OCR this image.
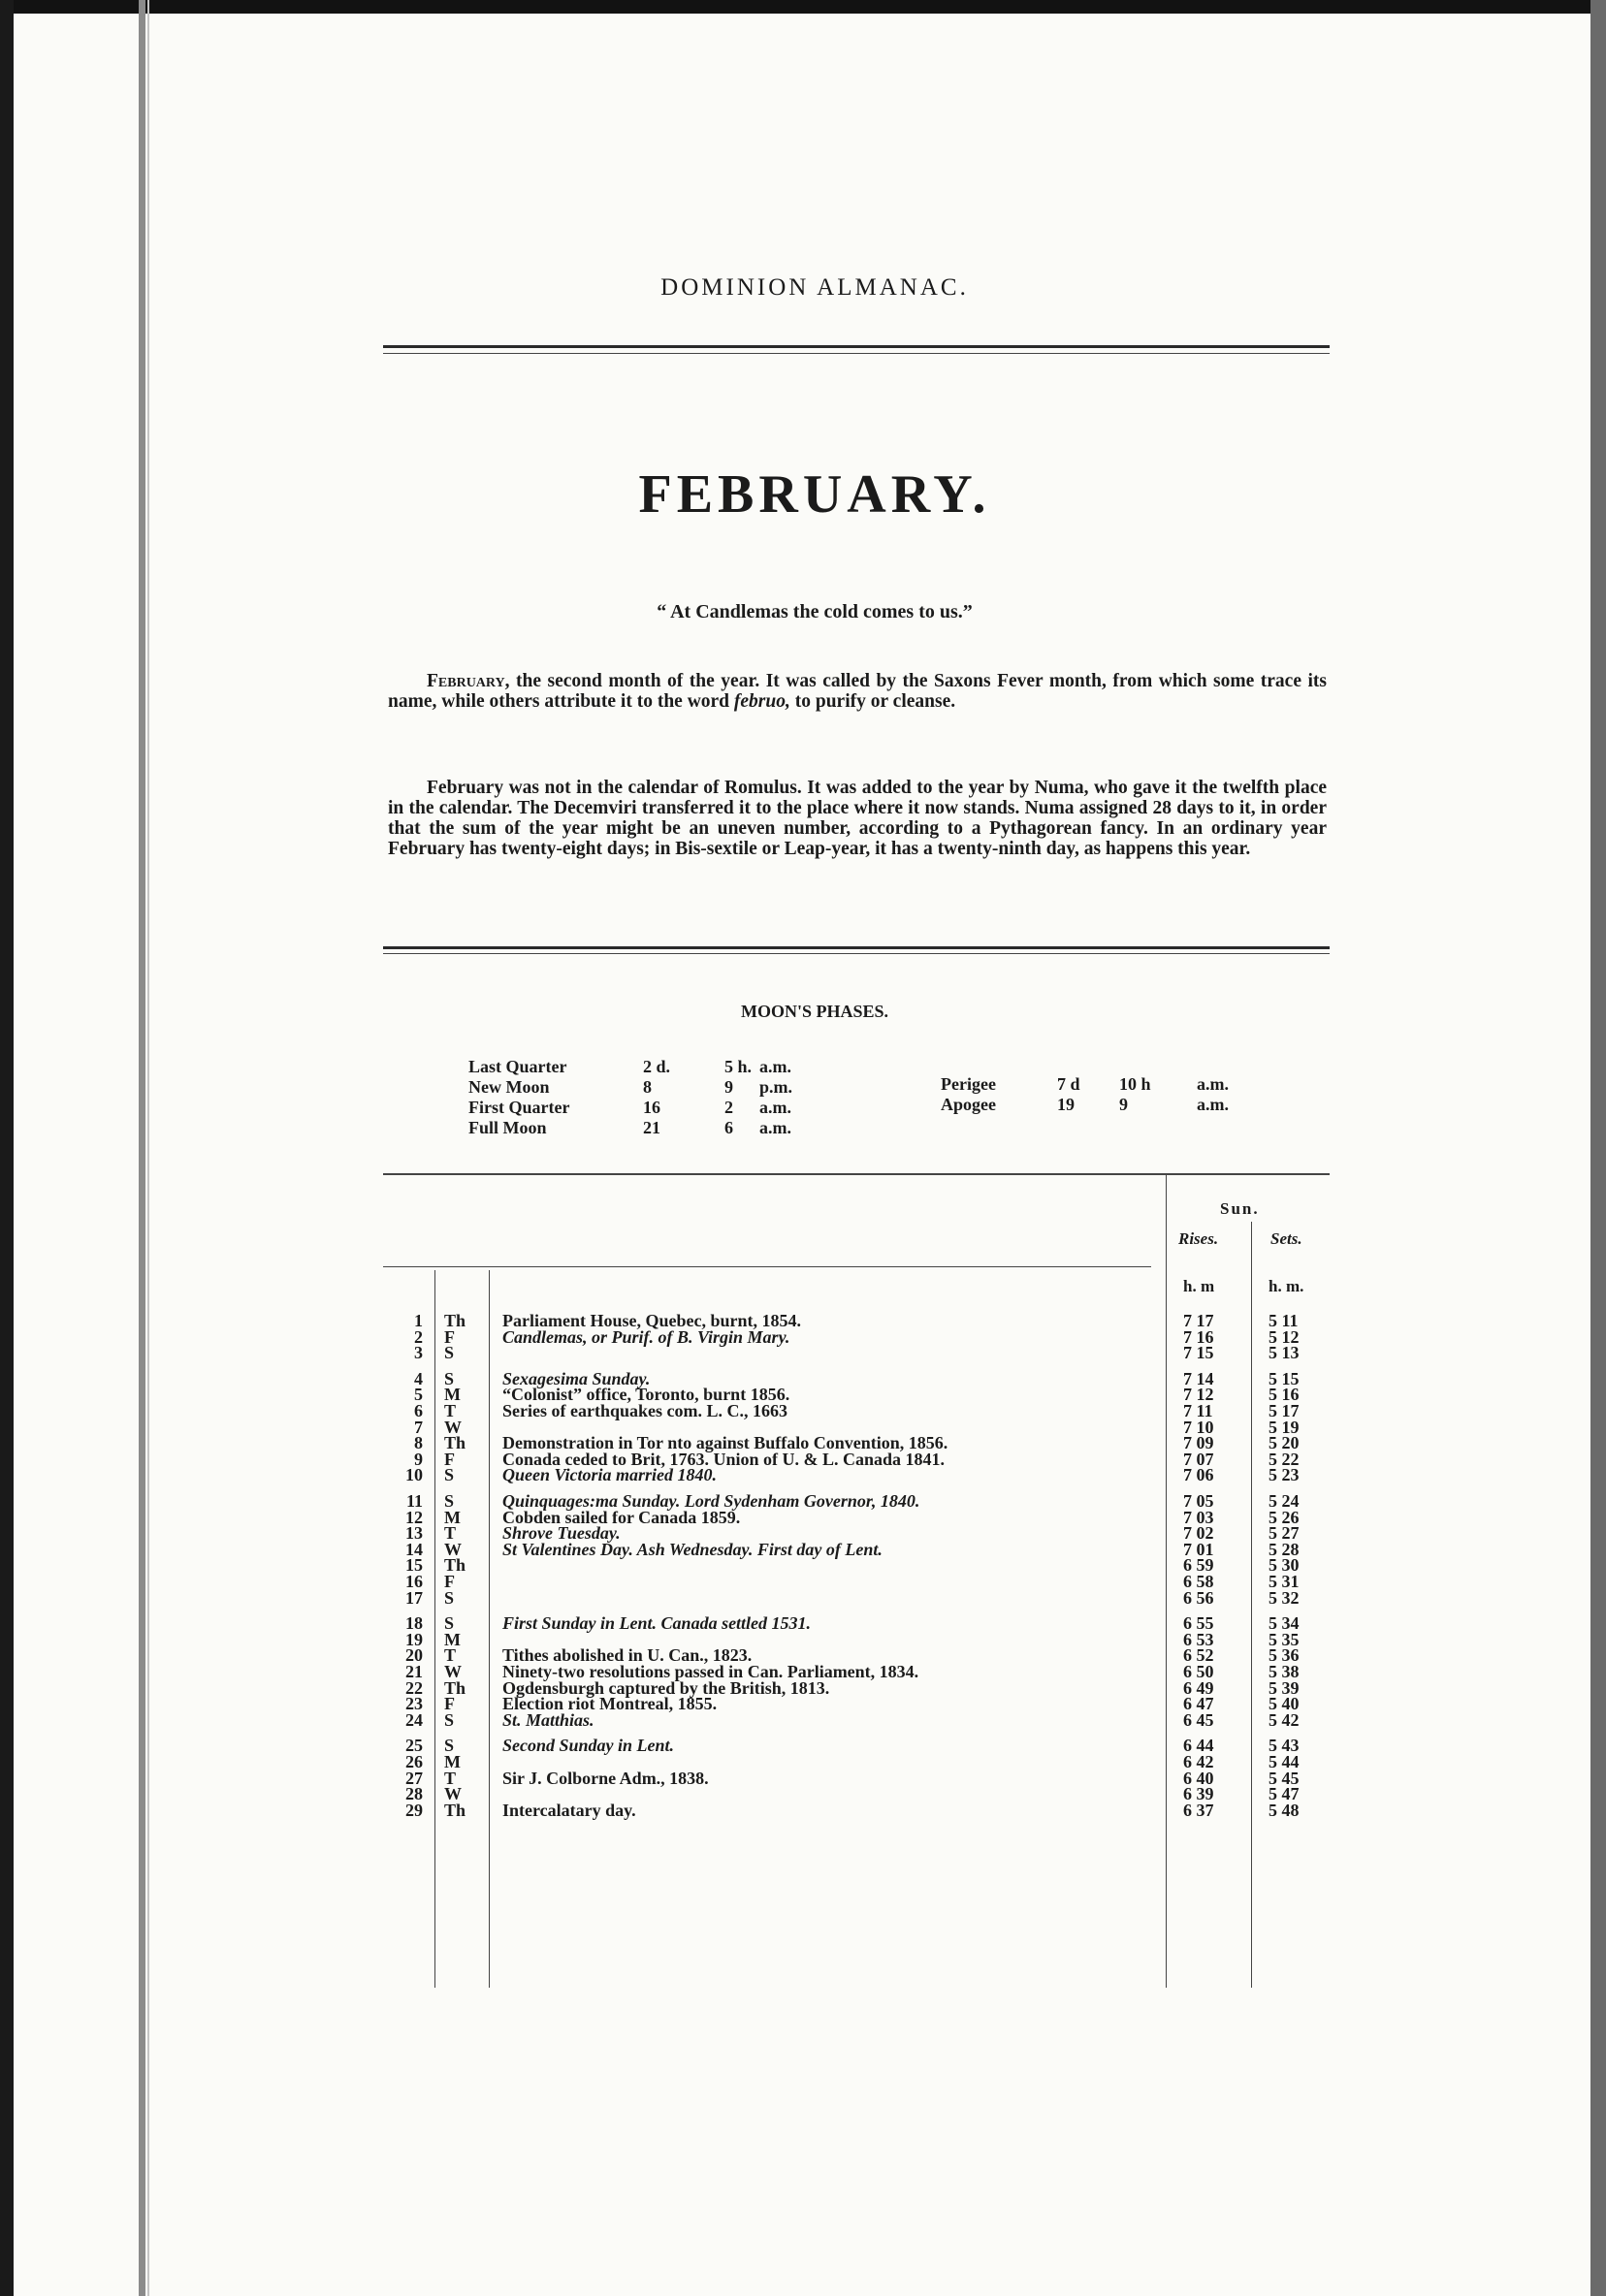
DOMINION ALMANAC.
FEBRUARY.
“ At Candlemas the cold comes to us.”
February, the second month of the year. It was called by the Saxons Fever month, from which some trace its name, while others attribute it to the word februo, to purify or cleanse.
February was not in the calendar of Romulus. It was added to the year by Numa, who gave it the twelfth place in the calendar. The Decemviri transferred it to the place where it now stands. Numa assigned 28 days to it, in order that the sum of the year might be an uneven number, according to a Pythagorean fancy. In an ordinary year February has twenty-eight days; in Bis-sextile or Leap-year, it has a twenty-ninth day, as happens this year.
MOON'S PHASES.
Last Quarter	2 d.	5 h. a.m.
New Moon	8	9 p.m.
First Quarter	16	2 a.m.
Full Moon	21	6 a.m.
Perigee	7 d 10 h	a.m.
Apogee	19	9	a.m.
Sun.
Rises.	Sets.
h. m	h. m.
1 Th Parliament House, Quebec, burnt, 1854.	7 17	5 11
2 F	Candlemas, or Purif. of B. Virgin Mary.	7 16	5 12
3 S	7 15	5 13
4 S	Sexagesima Sunday.	7 14	5 15
5 M “Colonist” office, Toronto, burnt 1856.	7 12	5 16
6 T	Series of earthquakes com. L. C., 1663	7 11	5 17
7 W	7 10	5 19
8 Th Demonstration in Tor nto against Buffalo Convention, 1856.	7 09	5 20
9 F	Conada ceded to Brit, 1763. Union of U. & L. Canada 1841.	7 07	5 22
10 S	Queen Victoria married 1840.	7 06	5 23
11 S	Quinquages:ma Sunday. Lord Sydenham Governor, 1840.	7 05	5 24
12 M Cobden sailed for Canada 1859.	7 03	5 26
13 T	Shrove Tuesday.	7 02	5 27
14 W St Valentines Day. Ash Wednesday. First day of Lent.	7 01	5 28
15 Th	6 59	5 30
16 F	6 58	5 31
17 S	6 56	5 32
18 S	First Sunday in Lent. Canada settled 1531.	6 55	5 34
19 M	6 53	5 35
20 T	Tithes abolished in U. Can., 1823.	6 52	5 36
21 W Ninety-two resolutions passed in Can. Parliament, 1834.	6 50	5 38
22 Th Ogdensburgh captured by the British, 1813.	6 49	5 39
23 F	Election riot Montreal, 1855.	6 47	5 40
24 S	St. Matthias.	6 45	5 42
25 S	Second Sunday in Lent.	6 44	5 43
26 M	6 42	5 44
27 T	Sir J. Colborne Adm., 1838.	6 40	5 45
28 W	6 39	5 47
29 Th Intercalatary day.	6 37	5 48
